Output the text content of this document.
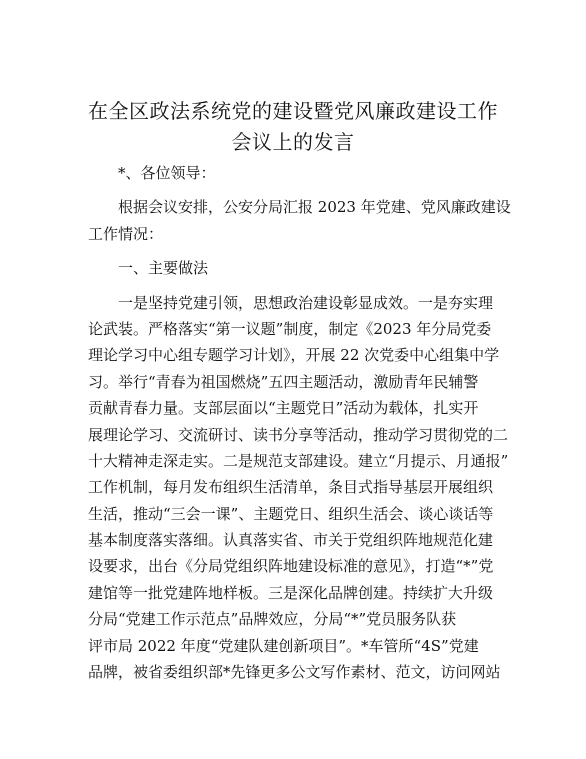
在全区政法系统党的建设暨党风廉政建设工作
会议上的发言
*、各位领导：
根据会议安排，公安分局汇报 2023 年党建、党风廉政建设
工作情况：
一、主要做法
一是坚持党建引领，思想政治建设彰显成效。一是夯实理
论武装。严格落实“第一议题”制度，制定《2023 年分局党委
理论学习中心组专题学习计划》，开展 22 次党委中心组集中学
习。举行“青春为祖国燃烧”五四主题活动，激励青年民辅警
贡献青春力量。支部层面以“主题党日”活动为载体，扎实开
展理论学习、交流研讨、读书分享等活动，推动学习贯彻党的二
十大精神走深走实。二是规范支部建设。建立“月提示、月通报”
工作机制，每月发布组织生活清单，条目式指导基层开展组织
生活，推动“三会一课”、主题党日、组织生活会、谈心谈话等
基本制度落实落细。认真落实省、市关于党组织阵地规范化建
设要求，出台《分局党组织阵地建设标准的意见》，打造“*”党
建馆等一批党建阵地样板。三是深化品牌创建。持续扩大升级
分局“党建工作示范点”品牌效应，分局“*”党员服务队获
评市局 2022 年度“党建队建创新项目”。*车管所“4S”党建
品牌，被省委组织部*先锋更多公文写作素材、范文，访问网站
